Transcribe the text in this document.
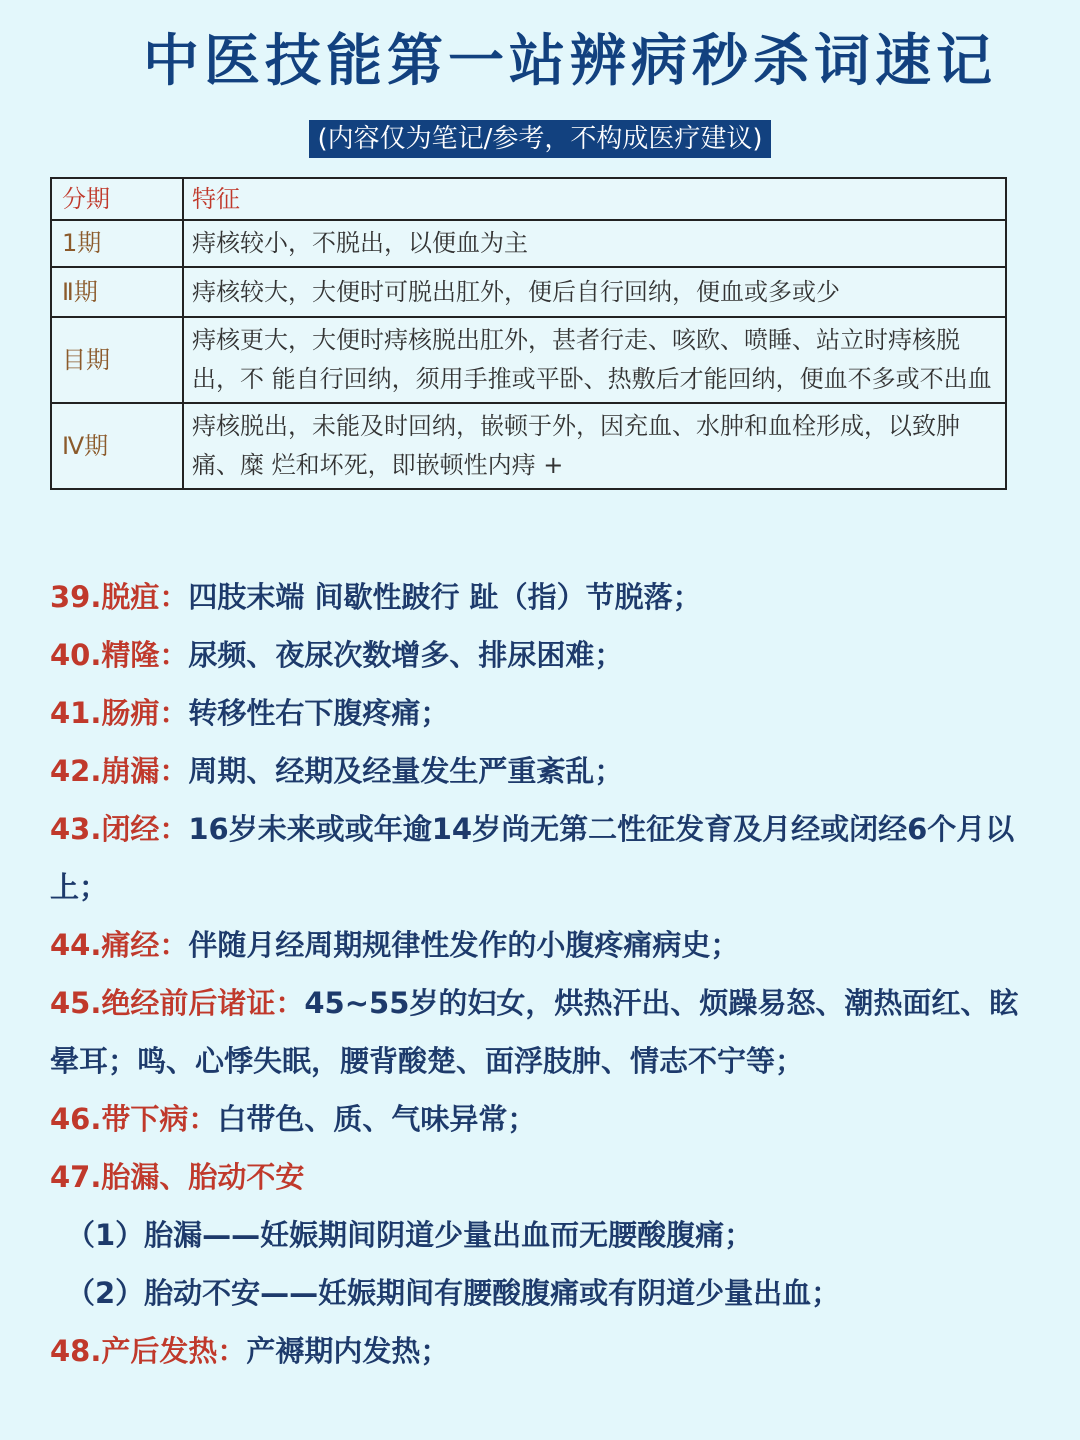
中医技能第一站辨病秒杀词速记
(内容仅为笔记/参考，不构成医疗建议)
分期	特征
1期	痔核较小，不脱出，以便血为主
Ⅱ期	痔核较大，大便时可脱出肛外，便后自行回纳，便血或多或少
目期	痔核更大，大便时痔核脱出肛外，甚者行走、咳欧、喷睡、站立时痔核脱出，不 能自行回纳，须用手推或平卧、热敷后才能回纳，便血不多或不出血
Ⅳ期	痔核脱出，未能及时回纳，嵌顿于外，因充血、水肿和血栓形成，以致肿痛、糜 烂和坏死，即嵌顿性内痔 +
39.脱疽：四肢末端 间歇性跛行 趾（指）节脱落；
40.精隆：尿频、夜尿次数增多、排尿困难；
41.肠痈：转移性右下腹疼痛；
42.崩漏：周期、经期及经量发生严重紊乱；
43.闭经：16岁未来或或年逾14岁尚无第二性征发育及月经或闭经6个月以上；
44.痛经：伴随月经周期规律性发作的小腹疼痛病史；
45.绝经前后诸证：45~55岁的妇女，烘热汗出、烦躁易怒、潮热面红、眩晕耳；鸣、心悸失眠，腰背酸楚、面浮肢肿、情志不宁等；
46.带下病：白带色、质、气味异常；
47.胎漏、胎动不安
（1）胎漏——妊娠期间阴道少量出血而无腰酸腹痛；
（2）胎动不安——妊娠期间有腰酸腹痛或有阴道少量出血；
48.产后发热：产褥期内发热；
